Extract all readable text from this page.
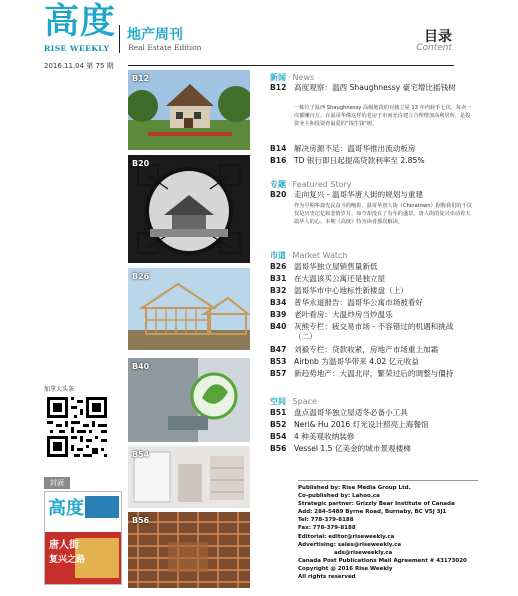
高度
RISE WEEKLY
地产周刊
Real Estate Edition
目录
Content
2016.11.04 第 75 期
B12
B20
B26
B40
B54
B56
加拿大头条
封面
高度
唐人街
复兴之路
新闻 · News
B12 高度观察：温西 Shaughnessy 豪宅增比摇钱树
一栋位于温西 Shaughnessy 高级地段的百独立屋 13 年内转手七次，每卖一次都赚百万。在温哥华像这样的老房子市而允许建立合理增加高利居所，是投资业主和投资者最爱的“钱生钱”树。
B14 解决房源不足：温哥华推出流动板房
B16 TD 银行即日起提高贷款利率至 2.85%
专题 · Featured Story
B20 走向复兴 - 温哥华唐人街的规划与重建
作为早期华裔先民奋斗的缩影，温哥华唐人街（Chinatown）据称我们的不仅仅是历史记忆和悲情岁月，如今却没有了有年的盛景。唐人街的复兴牵动着大温华人的心。本期《高度》特为读者那次解读。
市道 · Market Watch
B26 温哥华独立屋销售量新低
B31 在大温该买公寓还是独立屋
B32 温哥华市中心地标性新楼盘（上）
B34 普华永道报告：温哥华公寓市场被看好
B39 老叶看房：大温炒房当炒温乐
B40 灰熊专栏：疲交易市场 - 不容错过的机遇和挑战（二）
B47 刘毅专栏：贷款收紧，房地产市场重上加霜
B53 Airbnb 为温哥华带来 4.02 亿元收益
B57 新趋势地产：大温北岸，繁荣过后的调整与僵持
空间 · Space
B51 盘点温哥华独立屋适冬必备小工具
B52 Neri& Hu 2016 灯光设计照亮上海餐馆
B54 4 种美观收纳装修
B56 Vessel 1.5 亿美金的城市景观楼梯
Published by: Rise Media Group Ltd.
Co-published by: Lahoo.ca
Strategic partner: Grizzly Bear Institute of Canada
Add: 284-5489 Byrne Road, Burnaby, BC V5J 3J1
Tel: 778-379-8188
Fax: 778-379-8188
Editorial: editor@riseweekly.ca
Advertising: sales@riseweekly.ca
ads@riseweekly.ca
Canada Post Publications Mail Agreement # 43173020
Copyright @ 2016 Rise Weekly
All rights reserved
